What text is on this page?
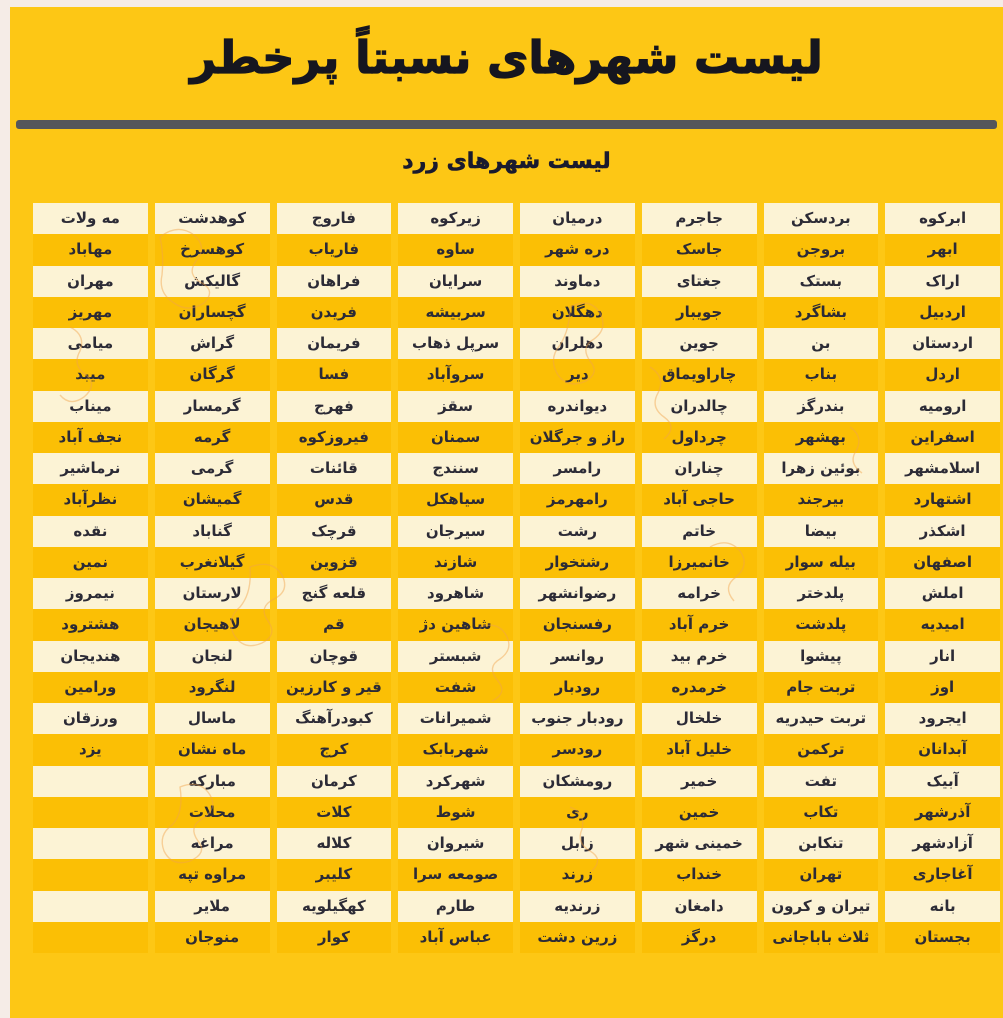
لیست شهرهای نسبتاً پرخطر
لیست شهرهای زرد
ابرکوه
بردسکن
جاجرم
درمیان
زیرکوه
فاروج
کوهدشت
مه ولات
ابهر
بروجن
جاسک
دره شهر
ساوه
فاریاب
کوهسرخ
مهاباد
اراک
بستک
جغتای
دماوند
سرایان
فراهان
گالیکش
مهران
اردبیل
بشاگرد
جویبار
دهگلان
سربیشه
فریدن
گچساران
مهریز
اردستان
بن
جوین
دهلران
سرپل ذهاب
فریمان
گراش
میامی
اردل
بناب
چاراویماق
دیر
سروآباد
فسا
گرگان
میبد
ارومیه
بندرگز
چالدران
دیواندره
سقز
فهرج
گرمسار
میناب
اسفراین
بهشهر
چرداول
راز و جرگلان
سمنان
فیروزکوه
گرمه
نجف آباد
اسلامشهر
بوئین زهرا
چناران
رامسر
سنندج
قائنات
گرمی
نرماشیر
اشتهارد
بیرجند
حاجی آباد
رامهرمز
سیاهکل
قدس
گمیشان
نظرآباد
اشکذر
بیضا
خاتم
رشت
سیرجان
قرچک
گناباد
نقده
اصفهان
بیله سوار
خانمیرزا
رشتخوار
شازند
قزوین
گیلانغرب
نمین
املش
پلدختر
خرامه
رضوانشهر
شاهرود
قلعه گنج
لارستان
نیمروز
امیدیه
پلدشت
خرم آباد
رفسنجان
شاهین دژ
قم
لاهیجان
هشترود
انار
پیشوا
خرم بید
روانسر
شبستر
قوچان
لنجان
هندیجان
اوز
تربت جام
خرمدره
رودبار
شفت
قیر و کارزین
لنگرود
ورامین
ایجرود
تربت حیدریه
خلخال
رودبار جنوب
شمیرانات
کبودرآهنگ
ماسال
ورزقان
آبدانان
ترکمن
خلیل آباد
رودسر
شهربابک
کرج
ماه نشان
یزد
آبیک
تفت
خمیر
رومشکان
شهرکرد
کرمان
مبارکه
آذرشهر
تکاب
خمین
ری
شوط
کلات
محلات
آزادشهر
تنکابن
خمینی شهر
زابل
شیروان
کلاله
مراغه
آغاجاری
تهران
خنداب
زرند
صومعه سرا
کلیبر
مراوه تپه
بانه
تیران و کرون
دامغان
زرندیه
طارم
کهگیلویه
ملایر
بجستان
ثلاث باباجانی
درگز
زرین دشت
عباس آباد
کوار
منوجان
